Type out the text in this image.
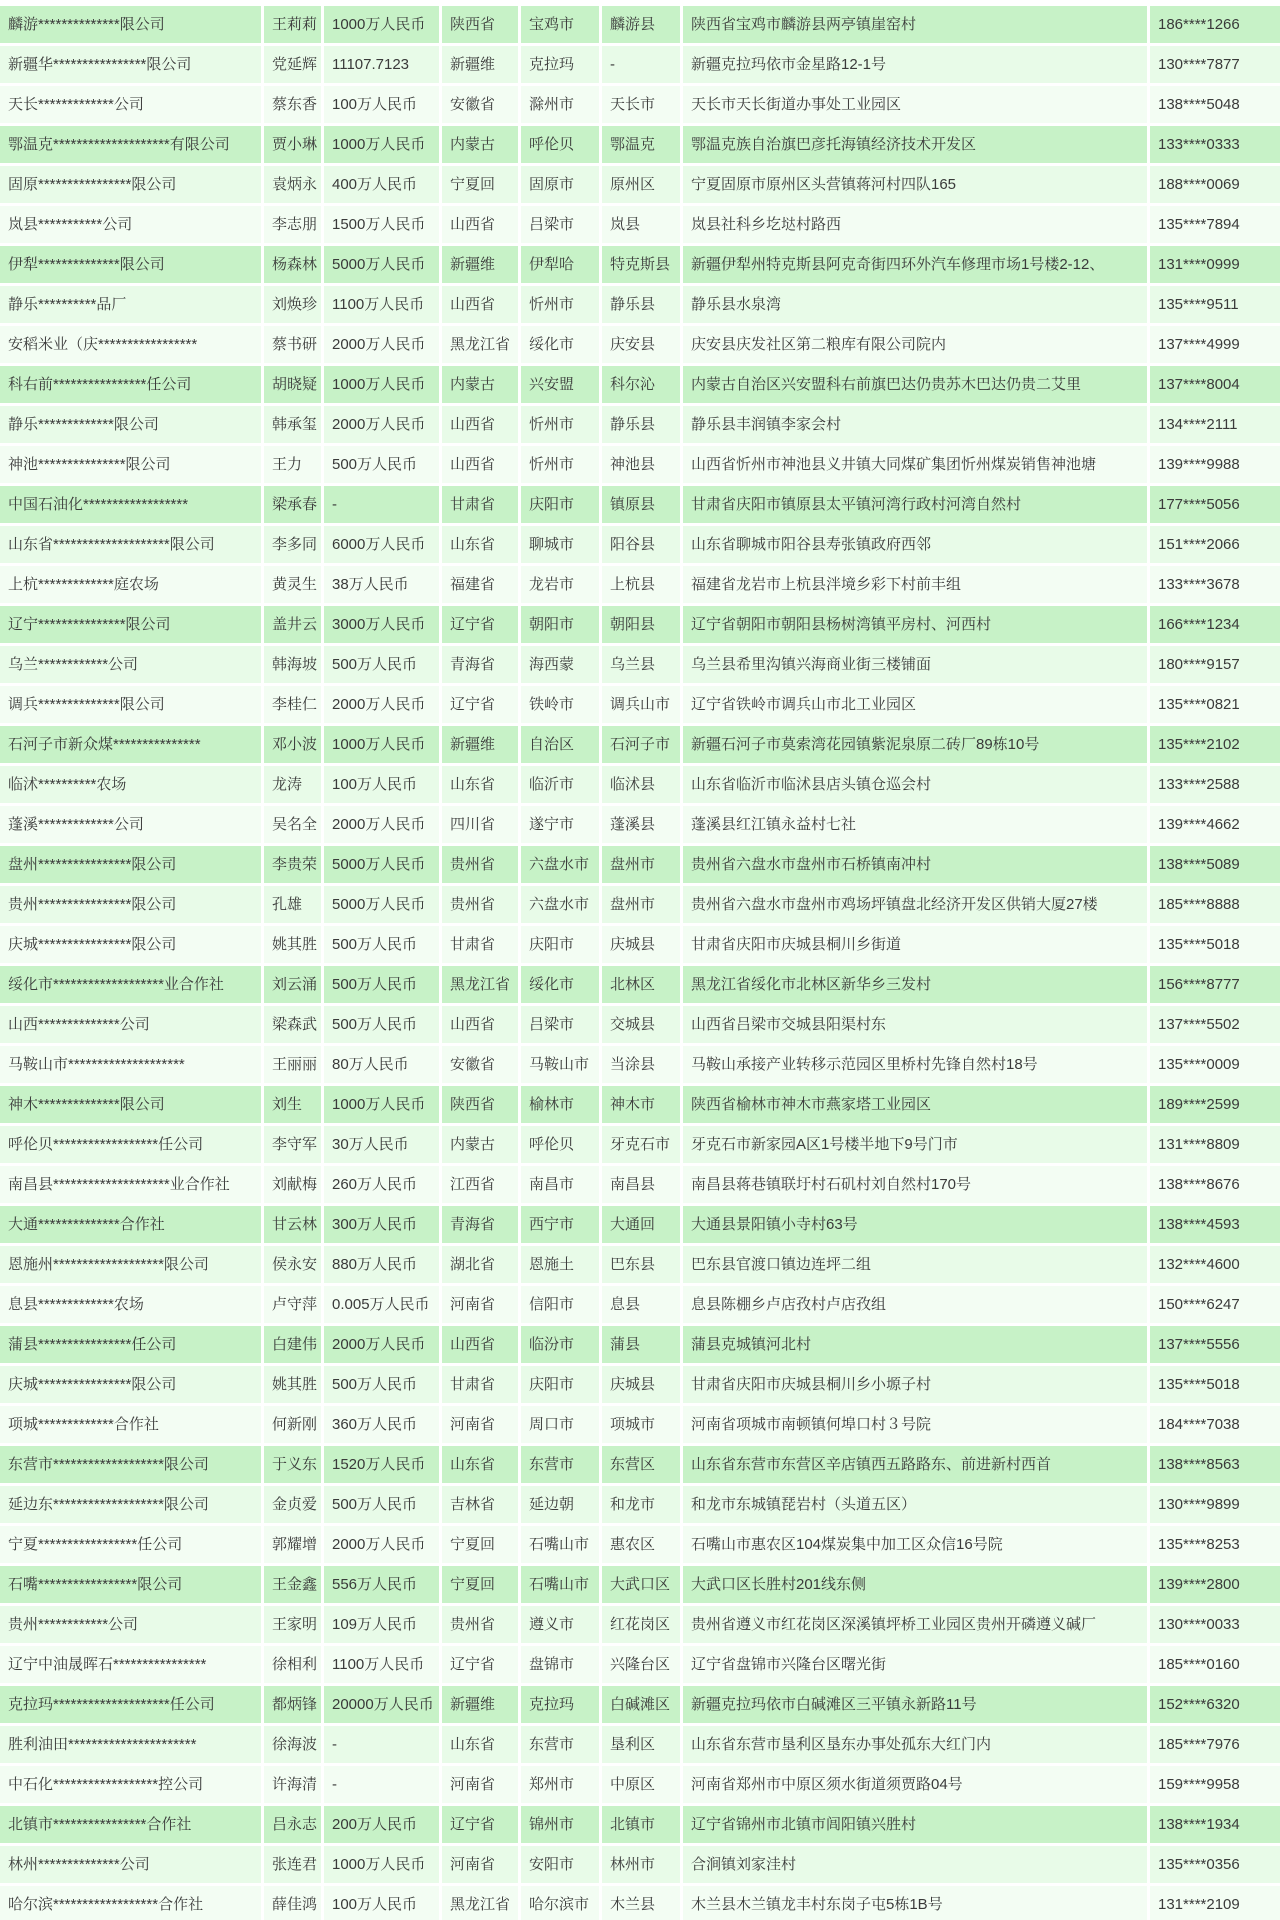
麟游**************限公司	王莉莉 1000万人民币	陕西省	宝鸡市	麟游县	陕西省宝鸡市麟游县两亭镇崖窑村	186****1266
新疆华****************限公司	党延辉 11107.7123	新疆维	克拉玛	-	新疆克拉玛依市金星路12-1号	130****7877
天长*************公司	蔡东香 100万人民币	安徽省	滁州市	天长市	天长市天长街道办事处工业园区	138****5048
鄂温克********************有限公司	贾小琳 1000万人民币	内蒙古	呼伦贝	鄂温克	鄂温克族自治旗巴彦托海镇经济技术开发区	133****0333
固原****************限公司	袁炳永 400万人民币	宁夏回	固原市	原州区	宁夏固原市原州区头营镇蒋河村四队165	188****0069
岚县***********公司	李志朋 1500万人民币	山西省	吕梁市	岚县	岚县社科乡圪垯村路西	135****7894
伊犁**************限公司	杨森林 5000万人民币	新疆维	伊犁哈	特克斯县	新疆伊犁州特克斯县阿克奇街四环外汽车修理市场1号楼2-12、	131****0999
静乐**********品厂	刘焕珍 1100万人民币	山西省	忻州市	静乐县	静乐县水泉湾	135****9511
安稻米业（庆*****************	蔡书研 2000万人民币	黑龙江省	绥化市	庆安县	庆安县庆发社区第二粮库有限公司院内	137****4999
科右前****************任公司	胡晓疑 1000万人民币	内蒙古	兴安盟	科尔沁	内蒙古自治区兴安盟科右前旗巴达仍贵苏木巴达仍贵二艾里	137****8004
静乐*************限公司	韩承玺 2000万人民币	山西省	忻州市	静乐县	静乐县丰润镇李家会村	134****2111
神池***************限公司	王力	500万人民币	山西省	忻州市	神池县	山西省忻州市神池县义井镇大同煤矿集团忻州煤炭销售神池塘	139****9988
中国石油化******************	梁承春 -	甘肃省	庆阳市	镇原县	甘肃省庆阳市镇原县太平镇河湾行政村河湾自然村	177****5056
山东省********************限公司	李多同 6000万人民币	山东省	聊城市	阳谷县	山东省聊城市阳谷县寿张镇政府西邻	151****2066
上杭*************庭农场	黄灵生 38万人民币	福建省	龙岩市	上杭县	福建省龙岩市上杭县泮境乡彩下村前丰组	133****3678
辽宁***************限公司	盖井云 3000万人民币	辽宁省	朝阳市	朝阳县	辽宁省朝阳市朝阳县杨树湾镇平房村、河西村	166****1234
乌兰************公司	韩海坡 500万人民币	青海省	海西蒙	乌兰县	乌兰县希里沟镇兴海商业街三楼铺面	180****9157
调兵**************限公司	李桂仁 2000万人民币	辽宁省	铁岭市	调兵山市	辽宁省铁岭市调兵山市北工业园区	135****0821
石河子市新众煤***************	邓小波 1000万人民币	新疆维	自治区	石河子市	新疆石河子市莫索湾花园镇紫泥泉原二砖厂89栋10号	135****2102
临沭**********农场	龙涛	100万人民币	山东省	临沂市	临沭县	山东省临沂市临沭县店头镇仓巡会村	133****2588
蓬溪*************公司	吴名全 2000万人民币	四川省	遂宁市	蓬溪县	蓬溪县红江镇永益村七社	139****4662
盘州****************限公司	李贵荣 5000万人民币	贵州省	六盘水市	盘州市	贵州省六盘水市盘州市石桥镇南冲村	138****5089
贵州****************限公司	孔雄	5000万人民币	贵州省	六盘水市	盘州市	贵州省六盘水市盘州市鸡场坪镇盘北经济开发区供销大厦27楼	185****8888
庆城****************限公司	姚其胜 500万人民币	甘肃省	庆阳市	庆城县	甘肃省庆阳市庆城县桐川乡街道	135****5018
绥化市*******************业合作社	刘云涌 500万人民币	黑龙江省	绥化市	北林区	黑龙江省绥化市北林区新华乡三发村	156****8777
山西**************公司	梁森武 500万人民币	山西省	吕梁市	交城县	山西省吕梁市交城县阳渠村东	137****5502
马鞍山市********************	王丽丽 80万人民币	安徽省	马鞍山市	当涂县	马鞍山承接产业转移示范园区里桥村先锋自然村18号	135****0009
神木**************限公司	刘生	1000万人民币	陕西省	榆林市	神木市	陕西省榆林市神木市燕家塔工业园区	189****2599
呼伦贝******************任公司	李守军 30万人民币	内蒙古	呼伦贝	牙克石市	牙克石市新家园A区1号楼半地下9号门市	131****8809
南昌县********************业合作社	刘献梅 260万人民币	江西省	南昌市	南昌县	南昌县蒋巷镇联圩村石矶村刘自然村170号	138****8676
大通**************合作社	甘云林 300万人民币	青海省	西宁市	大通回	大通县景阳镇小寺村63号	138****4593
恩施州*******************限公司	侯永安 880万人民币	湖北省	恩施土	巴东县	巴东县官渡口镇边连坪二组	132****4600
息县*************农场	卢守萍 0.005万人民币	河南省	信阳市	息县	息县陈棚乡卢店孜村卢店孜组	150****6247
蒲县****************任公司	白建伟 2000万人民币	山西省	临汾市	蒲县	蒲县克城镇河北村	137****5556
庆城****************限公司	姚其胜 500万人民币	甘肃省	庆阳市	庆城县	甘肃省庆阳市庆城县桐川乡小塬子村	135****5018
项城*************合作社	何新刚 360万人民币	河南省	周口市	项城市	河南省项城市南顿镇何埠口村３号院	184****7038
东营市*******************限公司	于义东 1520万人民币	山东省	东营市	东营区	山东省东营市东营区辛店镇西五路路东、前进新村西首	138****8563
延边东*******************限公司	金贞爱 500万人民币	吉林省	延边朝	和龙市	和龙市东城镇琵岩村（头道五区）	130****9899
宁夏*****************任公司	郭耀增 2000万人民币	宁夏回	石嘴山市	惠农区	石嘴山市惠农区104煤炭集中加工区众信16号院	135****8253
石嘴*****************限公司	王金鑫 556万人民币	宁夏回	石嘴山市	大武口区	大武口区长胜村201线东侧	139****2800
贵州************公司	王家明 109万人民币	贵州省	遵义市	红花岗区	贵州省遵义市红花岗区深溪镇坪桥工业园区贵州开磷遵义碱厂	130****0033
辽宁中油晟晖石****************	徐相利 1100万人民币	辽宁省	盘锦市	兴隆台区	辽宁省盘锦市兴隆台区曙光街	185****0160
克拉玛********************任公司	都炳锋 20000万人民币	新疆维	克拉玛	白碱滩区	新疆克拉玛依市白碱滩区三平镇永新路11号	152****6320
胜利油田**********************	徐海波 -	山东省	东营市	垦利区	山东省东营市垦利区垦东办事处孤东大红门内	185****7976
中石化******************控公司	许海清 -	河南省	郑州市	中原区	河南省郑州市中原区须水街道须贾路04号	159****9958
北镇市****************合作社	吕永志 200万人民币	辽宁省	锦州市	北镇市	辽宁省锦州市北镇市闾阳镇兴胜村	138****1934
林州**************公司	张连君 1000万人民币	河南省	安阳市	林州市	合涧镇刘家洼村	135****0356
哈尔滨******************合作社	薛佳鸿 100万人民币	黑龙江省	哈尔滨市	木兰县	木兰县木兰镇龙丰村东岗子屯5栋1B号	131****2109
